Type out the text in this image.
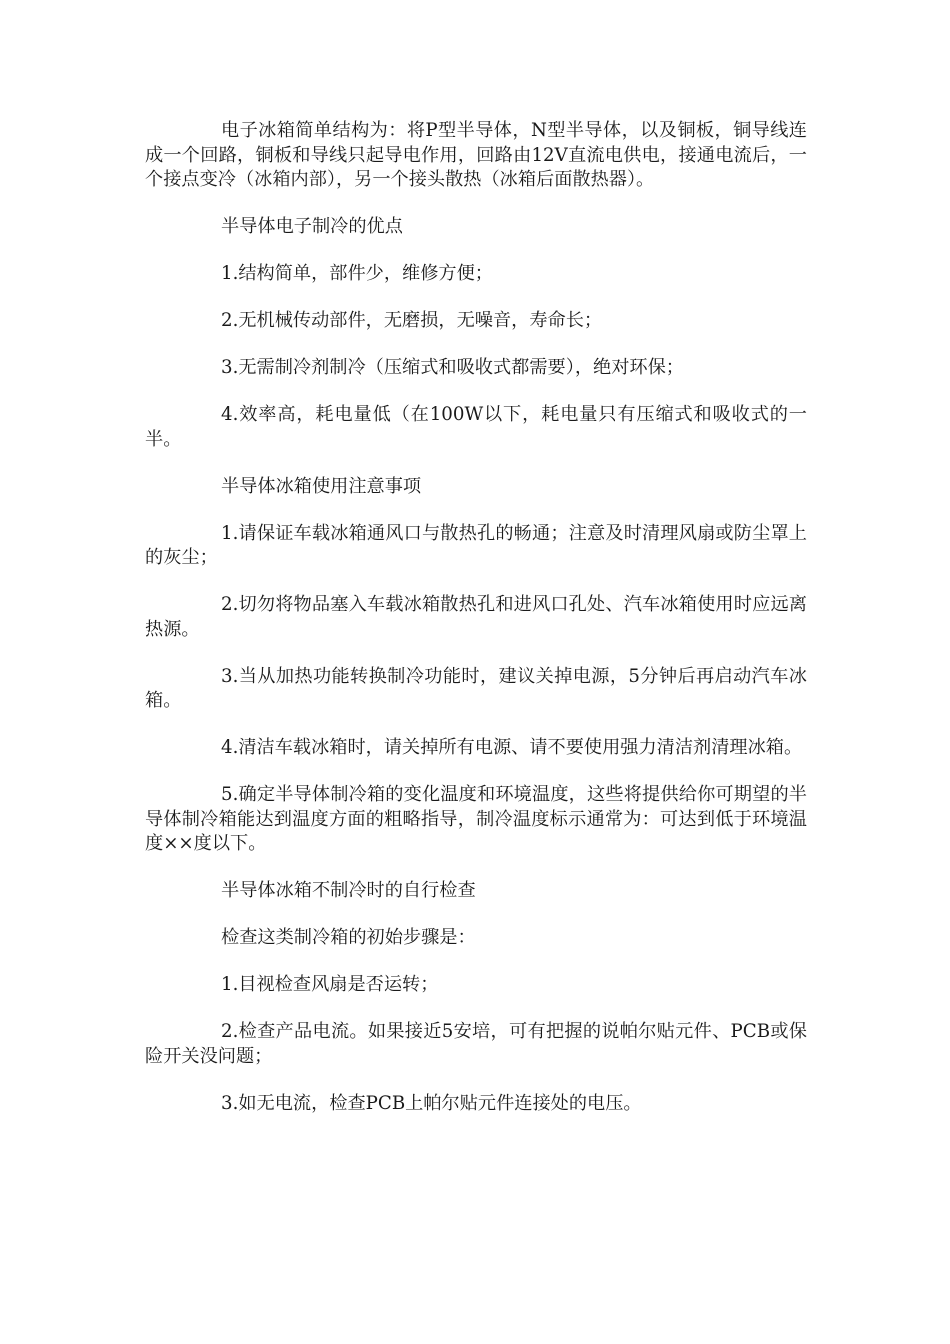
电子冰箱简单结构为：将P型半导体，N型半导体，以及铜板，铜导线连成一个回路，铜板和导线只起导电作用，回路由12V直流电供电，接通电流后，一个接点变冷（冰箱内部），另一个接头散热（冰箱后面散热器）。

半导体电子制冷的优点

1.结构简单，部件少，维修方便；

2.无机械传动部件，无磨损，无噪音，寿命长；

3.无需制冷剂制冷（压缩式和吸收式都需要），绝对环保；

4.效率高，耗电量低（在100W以下，耗电量只有压缩式和吸收式的一半。

半导体冰箱使用注意事项

1.请保证车载冰箱通风口与散热孔的畅通；注意及时清理风扇或防尘罩上的灰尘；

2.切勿将物品塞入车载冰箱散热孔和进风口孔处、汽车冰箱使用时应远离热源。

3.当从加热功能转换制冷功能时，建议关掉电源，5分钟后再启动汽车冰箱。

4.清洁车载冰箱时，请关掉所有电源、请不要使用强力清洁剂清理冰箱。

5.确定半导体制冷箱的变化温度和环境温度，这些将提供给你可期望的半导体制冷箱能达到温度方面的粗略指导，制冷温度标示通常为：可达到低于环境温度××度以下。

半导体冰箱不制冷时的自行检查

检查这类制冷箱的初始步骤是：

1.目视检查风扇是否运转；

2.检查产品电流。如果接近5安培，可有把握的说帕尔贴元件、PCB或保险开关没问题；

3.如无电流，检查PCB上帕尔贴元件连接处的电压。
